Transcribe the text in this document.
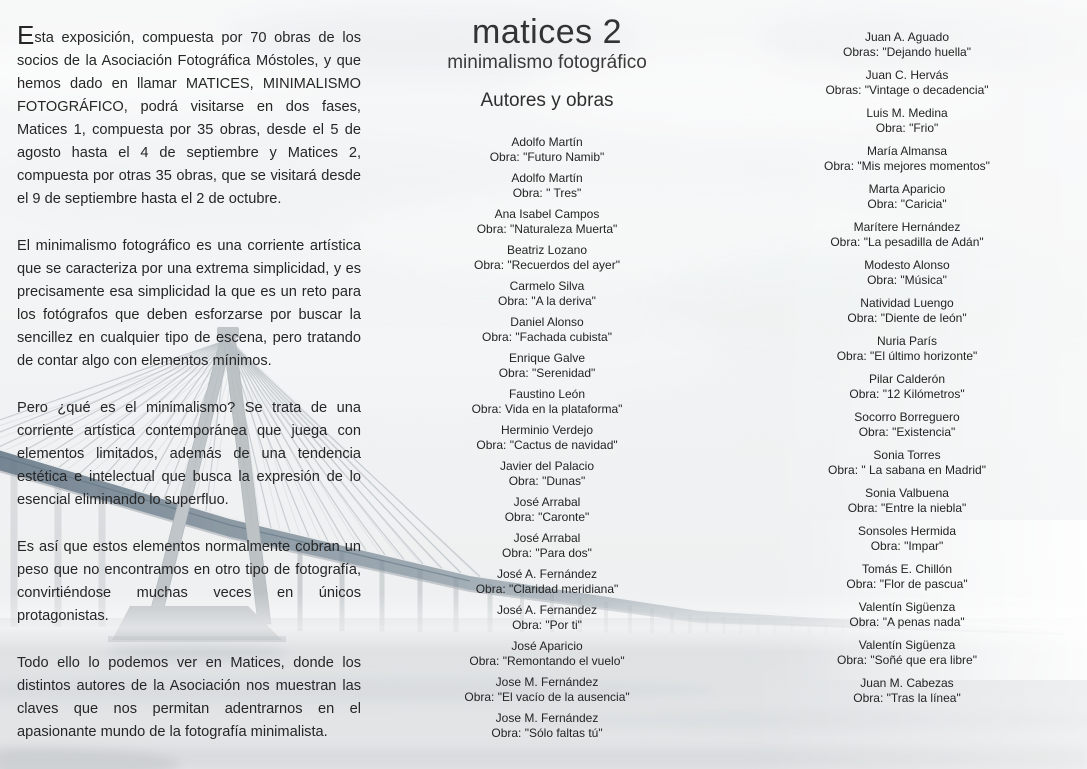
Esta exposición, compuesta por 70 obras de los socios de la Asociación Fotográfica Móstoles, y que hemos dado en llamar MATICES, MINIMALISMO FOTOGRÁFICO, podrá visitarse en dos fases, Matices 1, compuesta por 35 obras, desde el 5 de agosto hasta el 4 de septiembre y Matices 2, compuesta por otras 35 obras, que se visitará desde el 9 de septiembre hasta el 2 de octubre.

El minimalismo fotográfico es una corriente artística que se caracteriza por una extrema simplicidad, y es precisamente esa simplicidad la que es un reto para los fotógrafos que deben esforzarse por buscar la sencillez en cualquier tipo de escena, pero tratando de contar algo con elementos mínimos.

Pero ¿qué es el minimalismo? Se trata de una corriente artística contemporánea que juega con elementos limitados, además de una tendencia estética e intelectual que busca la expresión de lo esencial eliminando lo superfluo.

Es así que estos elementos normalmente cobran un peso que no encontramos en otro tipo de fotografía, convirtiéndose muchas veces en únicos protagonistas.

Todo ello lo podemos ver en Matices, donde los distintos autores de la Asociación nos muestran las claves que nos permitan adentrarnos en el apasionante mundo de la fotografía minimalista.

matices 2
minimalismo fotográfico
Autores y obras
Adolfo Martín
Obra: "Futuro Namib"
Adolfo Martín
Obra: " Tres"
Ana Isabel Campos
Obra: "Naturaleza Muerta"
Beatriz Lozano
Obra: "Recuerdos del ayer"
Carmelo Silva
Obra: "A la deriva"
Daniel Alonso
Obra: "Fachada cubista"
Enrique Galve
Obra: "Serenidad"
Faustino León
Obra: Vida en la plataforma"
Herminio Verdejo
Obra: "Cactus de navidad"
Javier del Palacio
Obra: "Dunas"
José Arrabal
Obra: "Caronte"
José Arrabal
Obra: "Para dos"
José A. Fernández
Obra: "Claridad meridiana"
José A. Fernandez
Obra: "Por ti"
José Aparicio
Obra: "Remontando el vuelo"
Jose M. Fernández
Obra: "El vacío de la ausencia"
Jose M. Fernández
Obra: "Sólo faltas tú"
Juan A. Aguado
Obras: "Dejando huella"
Juan C. Hervás
Obras: "Vintage o decadencia"
Luis M. Medina
Obra: "Frio"
María Almansa
Obra: "Mis mejores momentos"
Marta Aparicio
Obra: "Caricia"
Marítere Hernández
Obra: "La pesadilla de Adán"
Modesto Alonso
Obra: "Música"
Natividad Luengo
Obra: "Diente de león"
Nuria París
Obra: "El último horizonte"
Pilar Calderón
Obra: "12 Kilómetros"
Socorro Borreguero
Obra: "Existencia"
Sonia Torres
Obra: " La sabana en Madrid"
Sonia Valbuena
Obra: "Entre la niebla"
Sonsoles Hermida
Obra: "Impar"
Tomás E. Chillón
Obra: "Flor de pascua"
Valentín Sigüenza
Obra: "A penas nada"
Valentín Sigüenza
Obra: "Soñé que era libre"
Juan M. Cabezas
Obra: "Tras la línea"
